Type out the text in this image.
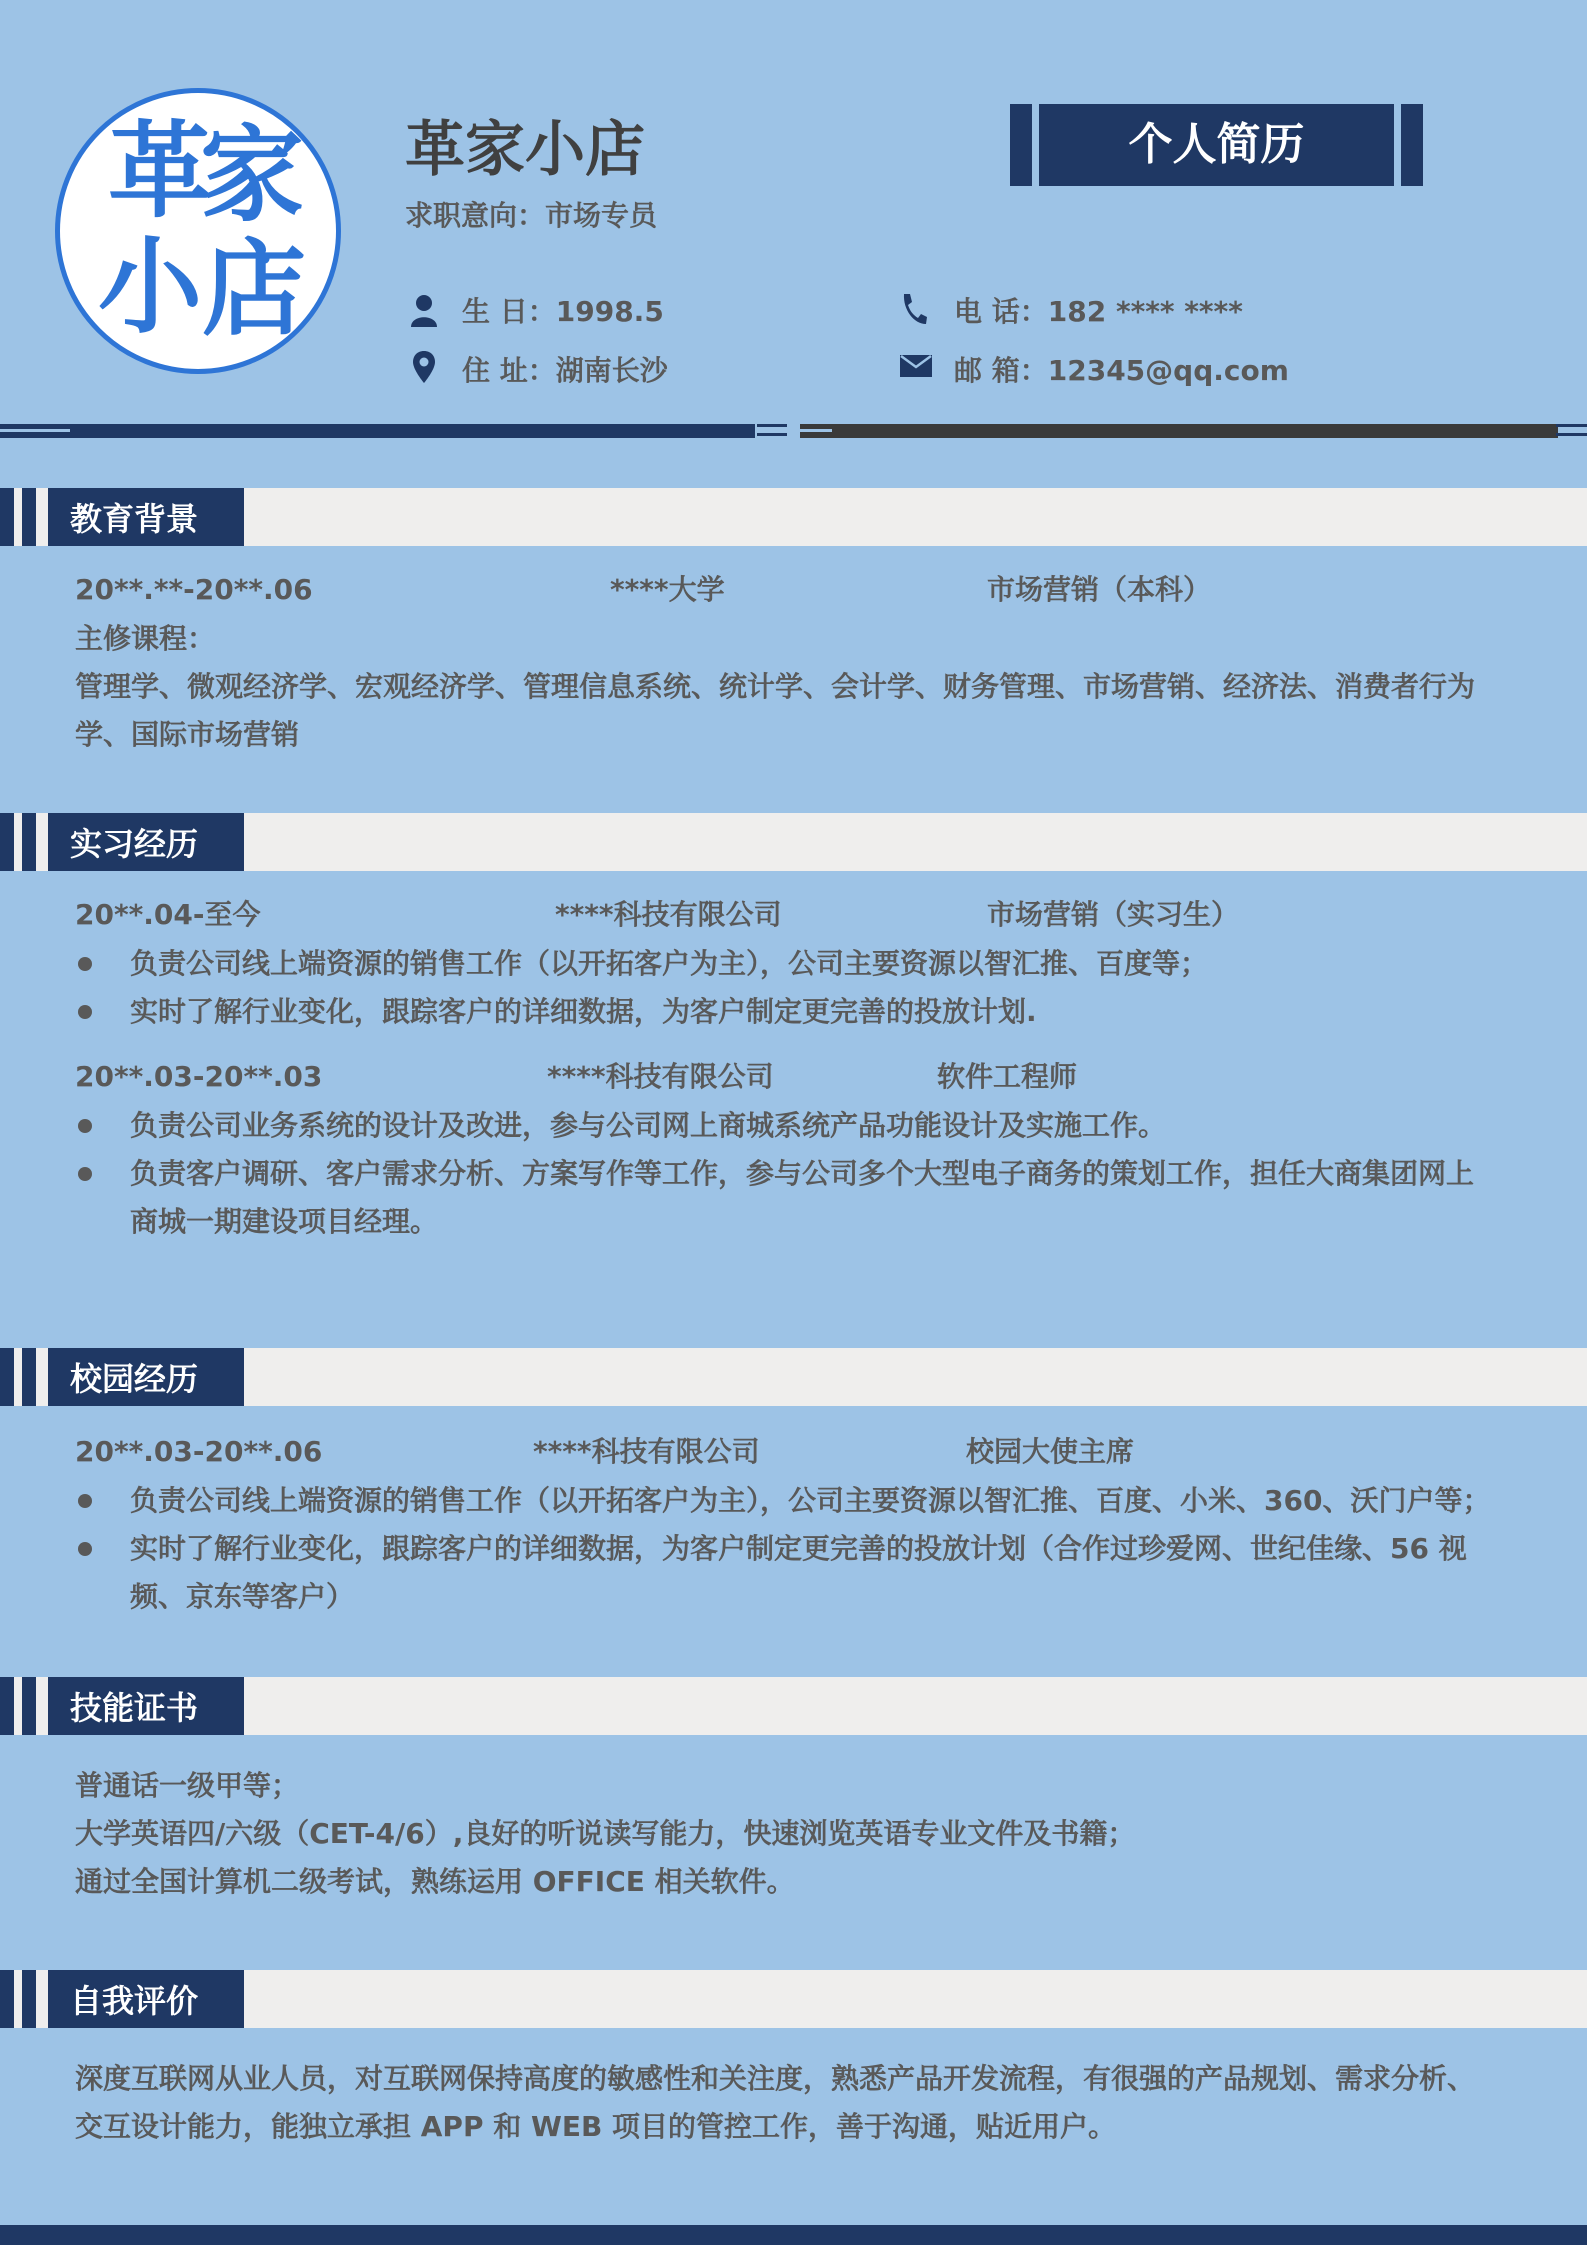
革
家
小 店
革家小店
求职意向：市场专员
个人简历
生 日：1998.5
住 址：湖南长沙
电 话：182 **** ****
邮 箱：12345@qq.com
教育背景
20**.**-20**.06	****大学	市场营销（本科）
主修课程：
管理学、微观经济学、宏观经济学、管理信息系统、统计学、会计学、财务管理、市场营销、经济法、消费者行为学、国际市场营销
实习经历
20**.04-至今	****科技有限公司	市场营销（实习生）
负责公司线上端资源的销售工作（以开拓客户为主），公司主要资源以智汇推、百度等；
实时了解行业变化，跟踪客户的详细数据，为客户制定更完善的投放计划.
20**.03-20**.03	****科技有限公司	软件工程师
负责公司业务系统的设计及改进，参与公司网上商城系统产品功能设计及实施工作。
负责客户调研、客户需求分析、方案写作等工作，参与公司多个大型电子商务的策划工作，担任大商集团网上商城一期建设项目经理。
校园经历
20**.03-20**.06	****科技有限公司	校园大使主席
负责公司线上端资源的销售工作（以开拓客户为主），公司主要资源以智汇推、百度、小米、360、沃门户等；
实时了解行业变化，跟踪客户的详细数据，为客户制定更完善的投放计划（合作过珍爱网、世纪佳缘、56 视频、京东等客户）
技能证书
普通话一级甲等；
大学英语四/六级（CET-4/6）,良好的听说读写能力，快速浏览英语专业文件及书籍；
通过全国计算机二级考试，熟练运用 OFFICE 相关软件。
自我评价
深度互联网从业人员，对互联网保持高度的敏感性和关注度，熟悉产品开发流程，有很强的产品规划、需求分析、交互设计能力，能独立承担 APP 和 WEB 项目的管控工作，善于沟通，贴近用户。
